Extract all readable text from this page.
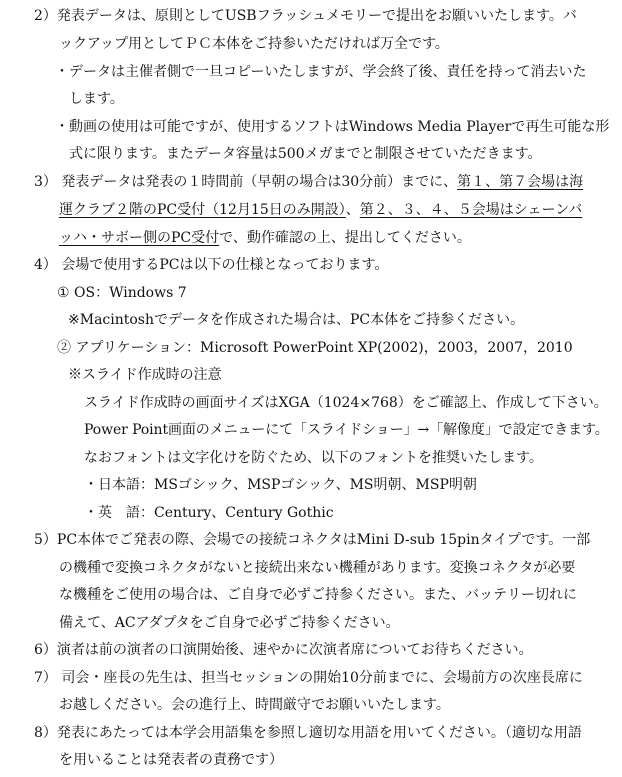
2）発表データは、原則としてUSBフラッシュメモリーで提出をお願いいたします。バ
ックアップ用としてＰＣ本体をご持参いただければ万全です。
・データは主催者側で一旦コピーいたしますが、学会終了後、責任を持って消去いた
します。
・動画の使用は可能ですが、使用するソフトはWindows Media Playerで再生可能な形
式に限ります。またデータ容量は500メガまでと制限させていただきます。
3） 発表データは発表の１時間前（早朝の場合は30分前）までに、第１、第７会場は海
運クラブ２階のPC受付（12月15日のみ開設）、第２、３、４、５会場はシェーンバ
ッハ・サボー側のPC受付で、動作確認の上、提出してください。
4） 会場で使用するPCは以下の仕様となっております。
① OS：Windows 7
※Macintoshでデータを作成された場合は、PC本体をご持参ください。
② アプリケーション：Microsoft PowerPoint XP(2002)，2003，2007，2010
※スライド作成時の注意
スライド作成時の画面サイズはXGA（1024×768）をご確認上、作成して下さい。
Power Point画面のメニューにて「スライドショー」→「解像度」で設定できます。
なおフォントは文字化けを防ぐため、以下のフォントを推奨いたします。
・日本語：MSゴシック、MSPゴシック、MS明朝、MSP明朝
・英　語：Century、Century Gothic
5）PC本体でご発表の際、会場での接続コネクタはMini D-sub 15pinタイプです。一部
の機種で変換コネクタがないと接続出来ない機種があります。変換コネクタが必要
な機種をご使用の場合は、ご自身で必ずご持参ください。また、バッテリー切れに
備えて、ACアダプタをご自身で必ずご持参ください。
6）演者は前の演者の口演開始後、速やかに次演者席についてお待ちください。
7） 司会・座長の先生は、担当セッションの開始10分前までに、会場前方の次座長席に
お越しください。会の進行上、時間厳守でお願いいたします。
8）発表にあたっては本学会用語集を参照し適切な用語を用いてください。（適切な用語
を用いることは発表者の責務です）
